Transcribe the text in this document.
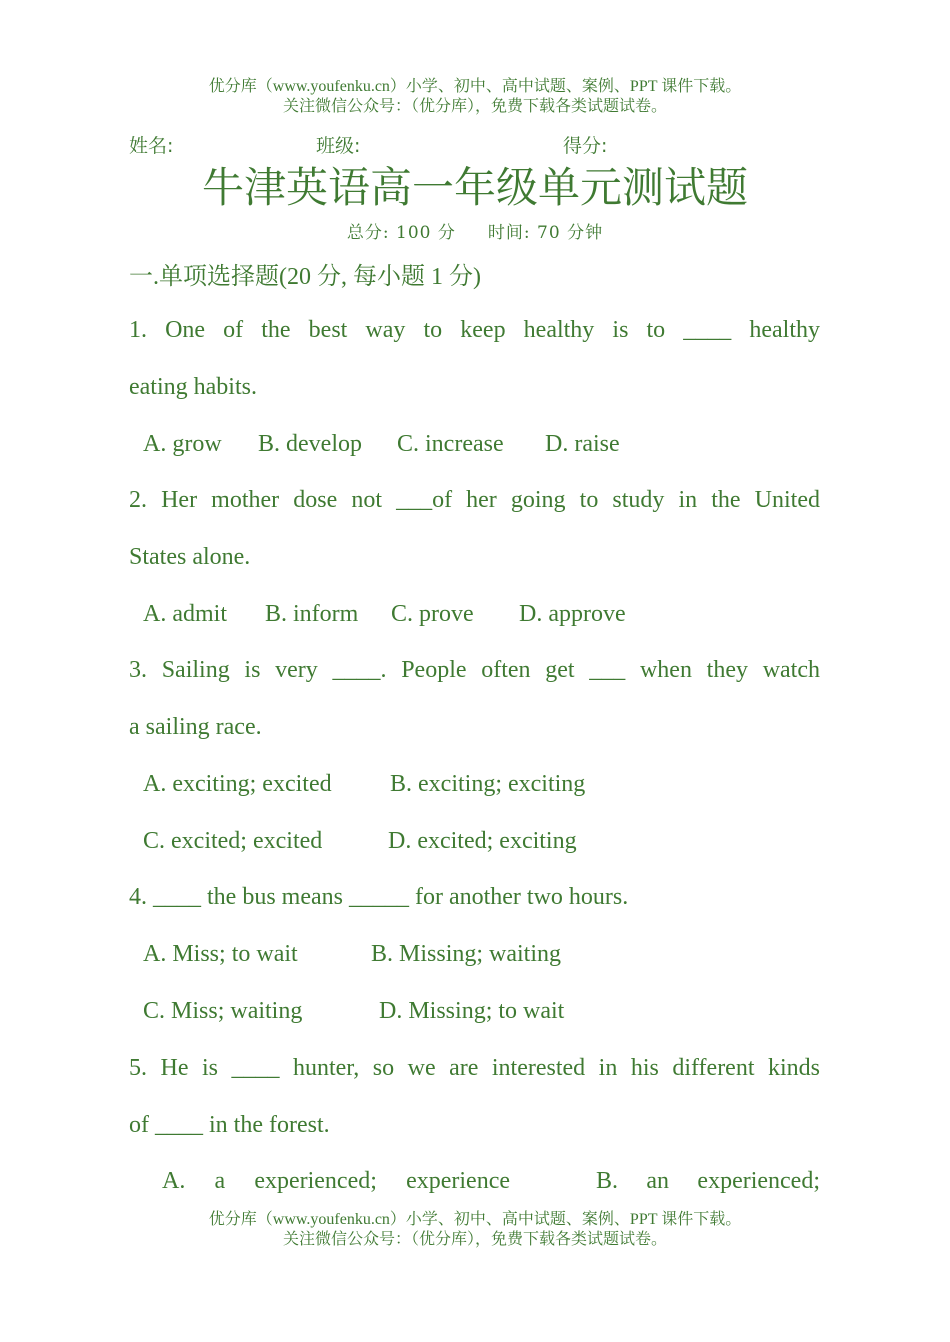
优分库（www.youfenku.cn）小学、初中、高中试题、案例、PPT 课件下载。
关注微信公众号：（优分库），免费下载各类试题试卷。
姓名:	班级:	得分:
牛津英语高一年级单元测试题
总分: 100 分 时间: 70 分钟
一.单项选择题(20 分, 每小题 1 分)
1. One of the best way to keep healthy is to ____ healthy
eating habits.
A. grow B. develop C. increase D. raise
2. Her mother dose not ___of her going to study in the United
States alone.
A. admit B. inform C. prove D. approve
3. Sailing is very ____. People often get ___ when they watch
a sailing race.
A. exciting; excited B. exciting; exciting
C. excited; excited	D. excited; exciting
4. ____ the bus means _____ for another two hours.
A. Miss; to wait	B. Missing; waiting
C. Miss; waiting	D. Missing; to wait
5. He is ____ hunter, so we are interested in his different kinds
of ____ in the forest.
A. a experienced; experience	B. an experienced;
优分库（www.youfenku.cn）小学、初中、高中试题、案例、PPT 课件下载。
关注微信公众号：（优分库），免费下载各类试题试卷。
